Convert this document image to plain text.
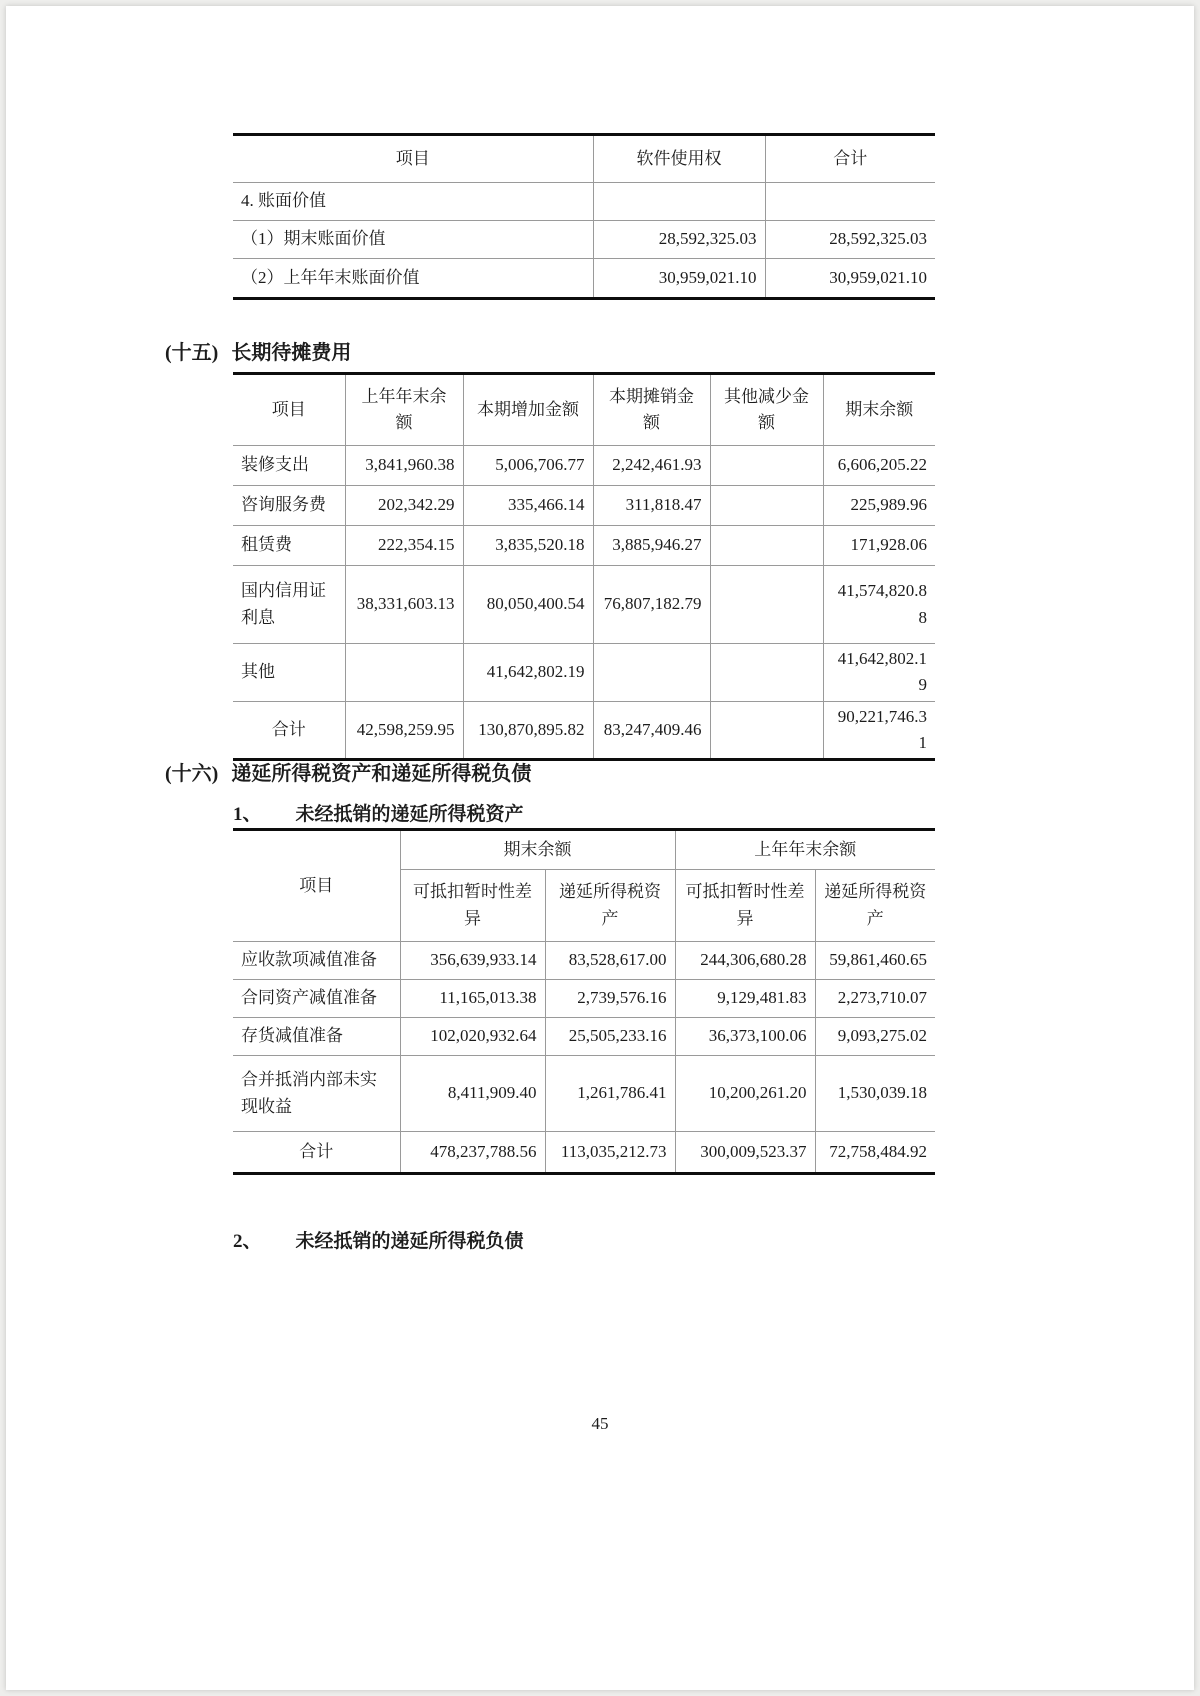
项目	软件使用权	合计
4. 账面价值		
（1）期末账面价值	28,592,325.03	28,592,325.03
（2）上年年末账面价值	30,959,021.10	30,959,021.10
(十五) 长期待摊费用
项目	上年年末余额	本期增加金额	本期摊销金额	其他减少金额	期末余额
装修支出	3,841,960.38	5,006,706.77	2,242,461.93		6,606,205.22
咨询服务费	202,342.29	335,466.14	311,818.47		225,989.96
租赁费	222,354.15	3,835,520.18	3,885,946.27		171,928.06
国内信用证利息	38,331,603.13	80,050,400.54	76,807,182.79		41,574,820.88
其他		41,642,802.19			41,642,802.19
合计	42,598,259.95	130,870,895.82	83,247,409.46		90,221,746.31
(十六) 递延所得税资产和递延所得税负债
1、 未经抵销的递延所得税资产
项目	期末余额		上年年末余额	
	可抵扣暂时性差异	递延所得税资产	可抵扣暂时性差异	递延所得税资产
应收款项减值准备	356,639,933.14	83,528,617.00	244,306,680.28	59,861,460.65
合同资产减值准备	11,165,013.38	2,739,576.16	9,129,481.83	2,273,710.07
存货减值准备	102,020,932.64	25,505,233.16	36,373,100.06	9,093,275.02
合并抵消内部未实现收益	8,411,909.40	1,261,786.41	10,200,261.20	1,530,039.18
合计	478,237,788.56	113,035,212.73	300,009,523.37	72,758,484.92
2、 未经抵销的递延所得税负债
45
